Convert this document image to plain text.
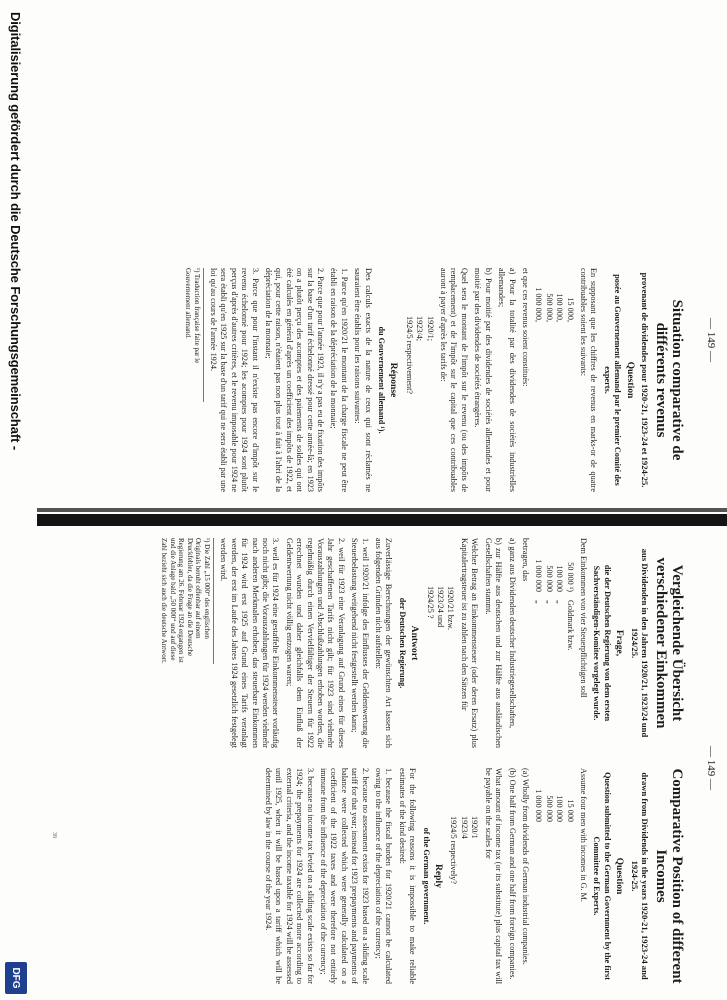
— 149 —
Vergleichende Übersicht verschiedener Einkommen
aus Dividenden in den Jahren 1920/21, 1923/24 und 1924/25.
Frage,
die der Deutschen Regierung von dem ersten Sachverständigen-Komitee vorgelegt wurde.

Dem Einkommen von vier Steuerpflichtigen soll

50 000 ¹)
Goldmark bzw.
100 000
„
500 000
„
1 000 000
„

betragen, das

a) ganz aus Dividenden deutscher Industriegesellschaften,

b) zur Hälfte aus deutschen und zur Hälfte aus ausländischen Gesellschaften stammt.

Welcher Betrag an Einkommensteuer (oder deren Ersatz) plus Kapitalertragsteuer ist zu zahlen nach den Sätzen für

1920/21 bzw.
1923/24 und
1924/25 ?
Antwort
der Deutschen Regierung.

Zuverlässige Berechnungen der gewünschten Art lassen sich aus folgenden Gründen nicht aufstellen:

1. weil 1920/21 infolge des Einflusses der Geldentwertung die Steuerbelastung weitgehend nicht festgestellt werden kann;

2. weil für 1923 eine Veranlagung auf Grund eines für dieses Jahr geschaffenen Tarifs nicht gilt; für 1923 sind vielmehr Vorauszahlungen und Abschlußzahlungen erhoben worden, die regelmäßig durch einen Vervielfältiger der Steuern für 1922 errechnet wurden und daher gleichfalls dem Einfluß der Geldentwertung nicht völlig entzogen waren;

3. weil es für 1924 eine gestaffelte Einkommensteuer vorläufig noch nicht gibt; die Vorauszahlungen für 1924 werden vielmehr nach anderen Merkmalen erhoben, das steuerbare Einkommen für 1924 wird erst 1925 auf Grund eines Tarifs veranlagt werden, der erst im Laufe des Jahres 1924 gesetzlich festgelegt werden wird.

¹) Die Zahl „15 000“ des englischen Originals beruht offenbar auf einem Druckfehler, da die Frage an die Deutsche Regierung am 26. Februar 1924 ergangen ist und die Anlage bald „50 000“ und auf diese Zahl bezieht sich auch die deutsche Antwort.
Comparative Position of different Incomes
drawn from Dividends in the years 1920-21, 1923-24 and 1924-25.
Question
Question submitted to the German Government by the first Committee of Experts.

Assume four men with incomes in G. M.

15 000
100 000
500 000
1 000 000

(a) Wholly from dividends of German industrial companies.

(b) One half from German and one half from foreign companies.

What amount of income tax (or its substitute) plus capital tax will be payable on the scales for

1920/1
1923/4
1924/5 respectively?
Reply
of the German government.

For the following reasons it is impossible to make reliable estimates of the kind desired:

1. because the fiscal burden for 1920/21 cannot be calculated owing to the influence of the depreciation of the currency;

2. because no assessment exists for 1923 based on a sliding scale tariff for that year; instead for 1923 prepayments and payments of balance were collected which were generally calculated on a coefficient of the 1922 taxes and were therefore not entirely immune from the influence of the depreciation of the currency;

3. because no income tax levied on a sliding scale exists so far for 1924; the prepayments for 1924 are collected more according to external criteria, and the income taxable for 1924 will be assessed until 1925, when it will be based upon a tariff which will be determined by law in the course of the year 1924.

38
— 149 —
Situation comparative de différents revenus
provenant de dividendes pour 1920-21, 1923-24 et 1924-25.
Question
posée au Gouvernement allemand par le premier Comité des experts.

En supposant que les chiffres de revenus en marks-or de quatre contribuables soient les suivants:

15 000,
100 000,
500 000,
1 000 000,

et que ces revenus soient constitués:

a) Pour la totalité par des dividendes de sociétés industrielles allemandes;

b) Pour moitié par des dividendes de sociétés allemandes et pour moitié par des dividendes de sociétés étrangères.

Quel sera le montant de l'impôt sur le revenu (ou des impôts de remplacement) et de l'impôt sur le capital que ces contribuables auront à payer d'après les tarifs de:

1920/1;
1923/4;
1924/5 respectivement?
Réponse
du Gouvernement allemand ¹).

Des calculs exacts de la nature de ceux qui sont réclamés ne sauraient être établis pour les raisons suivantes:

1. Parce qu'en 1920/21 le montant de la charge fiscale ne peut être établi en raison de la dépréciation de la monnaie;

2. Parce que pour l'année 1923, il n'y a pas eu de fixation des impôts sur la base d'un tarif échelonné dressé pour cette année-là; en 1923 on a plutôt perçu des acomptes et des paiements de soldes qui ont été calculés en général d'après un coefficient des impôts de 1922, et qui, pour cette raison, n'étaient pas non plus tout à fait à l'abri de la dépréciation de la monnaie;

3. Parce que pour l'instant il n'existe pas encore d'impôt sur le revenu échelonné pour 1924; les acomptes pour 1924 sont plutôt perçus d'après d'autres critères, et le revenu imposable pour 1924 ne sera établi qu'en 1925 sur la base d'un tarif qui ne sera établi par une loi qu'au cours de l'année 1924.

¹) Traduction française faite par le Gouvernement allemand.
Digitalisierung gefördert durch die Deutsche Forschungsgemeinschaft -
DFG
